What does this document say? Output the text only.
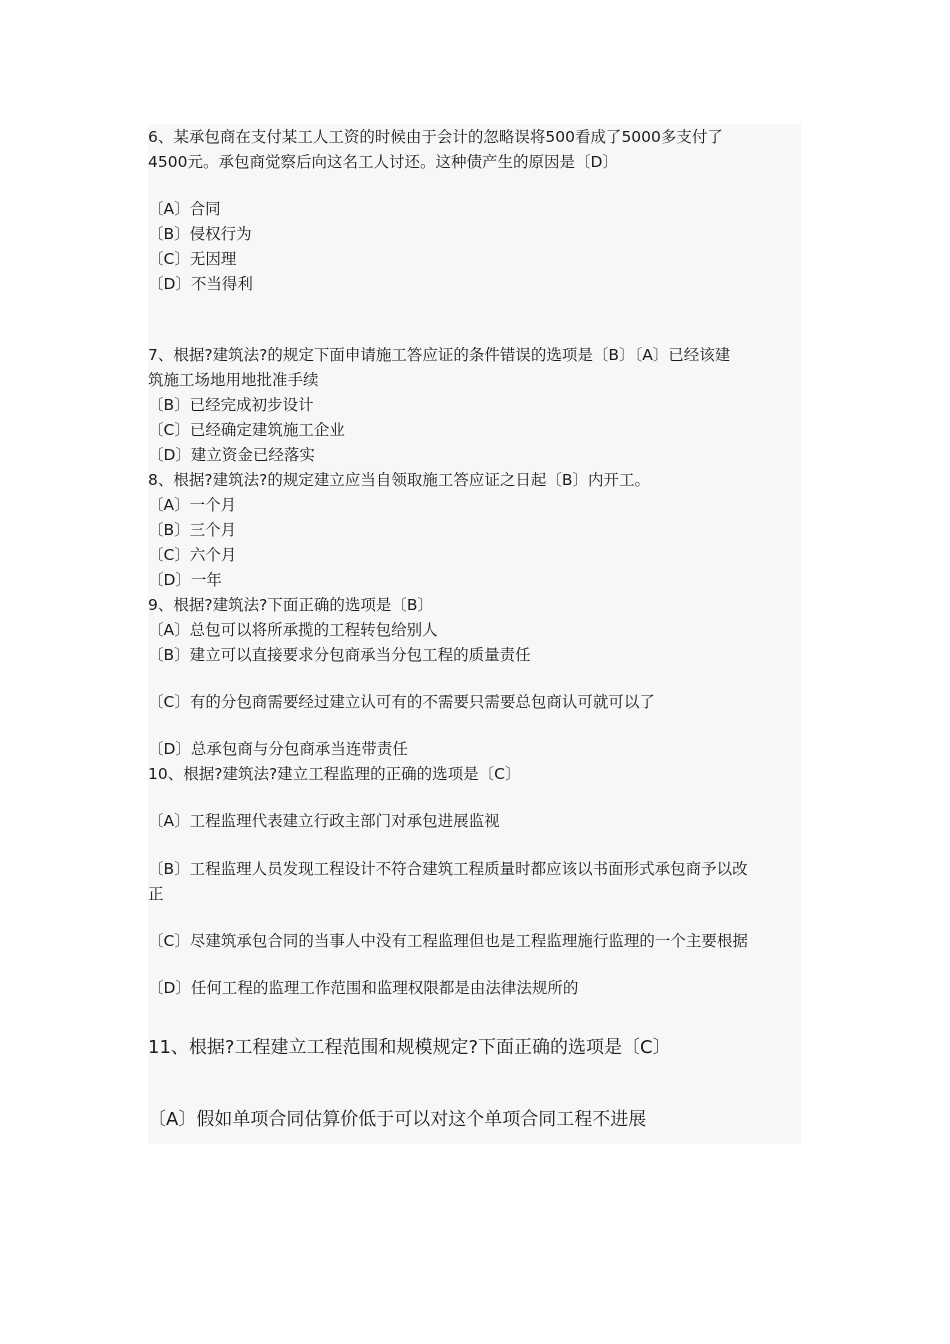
6、某承包商在支付某工人工资的时候由于会计的忽略误将500看成了5000多支付了
4500元。承包商觉察后向这名工人讨还。这种债产生的原因是〔D〕
〔A〕合同
〔B〕侵权行为
〔C〕无因理
〔D〕不当得利
7、根据?建筑法?的规定下面申请施工答应证的条件错误的选项是〔B〕〔A〕已经该建
筑施工场地用地批准手续
〔B〕已经完成初步设计
〔C〕已经确定建筑施工企业
〔D〕建立资金已经落实
8、根据?建筑法?的规定建立应当自领取施工答应证之日起〔B〕内开工。
〔A〕一个月
〔B〕三个月
〔C〕六个月
〔D〕一年
9、根据?建筑法?下面正确的选项是〔B〕
〔A〕总包可以将所承揽的工程转包给别人
〔B〕建立可以直接要求分包商承当分包工程的质量责任
〔C〕有的分包商需要经过建立认可有的不需要只需要总包商认可就可以了
〔D〕总承包商与分包商承当连带责任
10、根据?建筑法?建立工程监理的正确的选项是〔C〕
〔A〕工程监理代表建立行政主部门对承包进展监视
〔B〕工程监理人员发现工程设计不符合建筑工程质量时都应该以书面形式承包商予以改
正
〔C〕尽建筑承包合同的当事人中没有工程监理但也是工程监理施行监理的一个主要根据
〔D〕任何工程的监理工作范围和监理权限都是由法律法规所的
11、根据?工程建立工程范围和规模规定?下面正确的选项是〔C〕
〔A〕假如单项合同估算价低于可以对这个单项合同工程不进展
